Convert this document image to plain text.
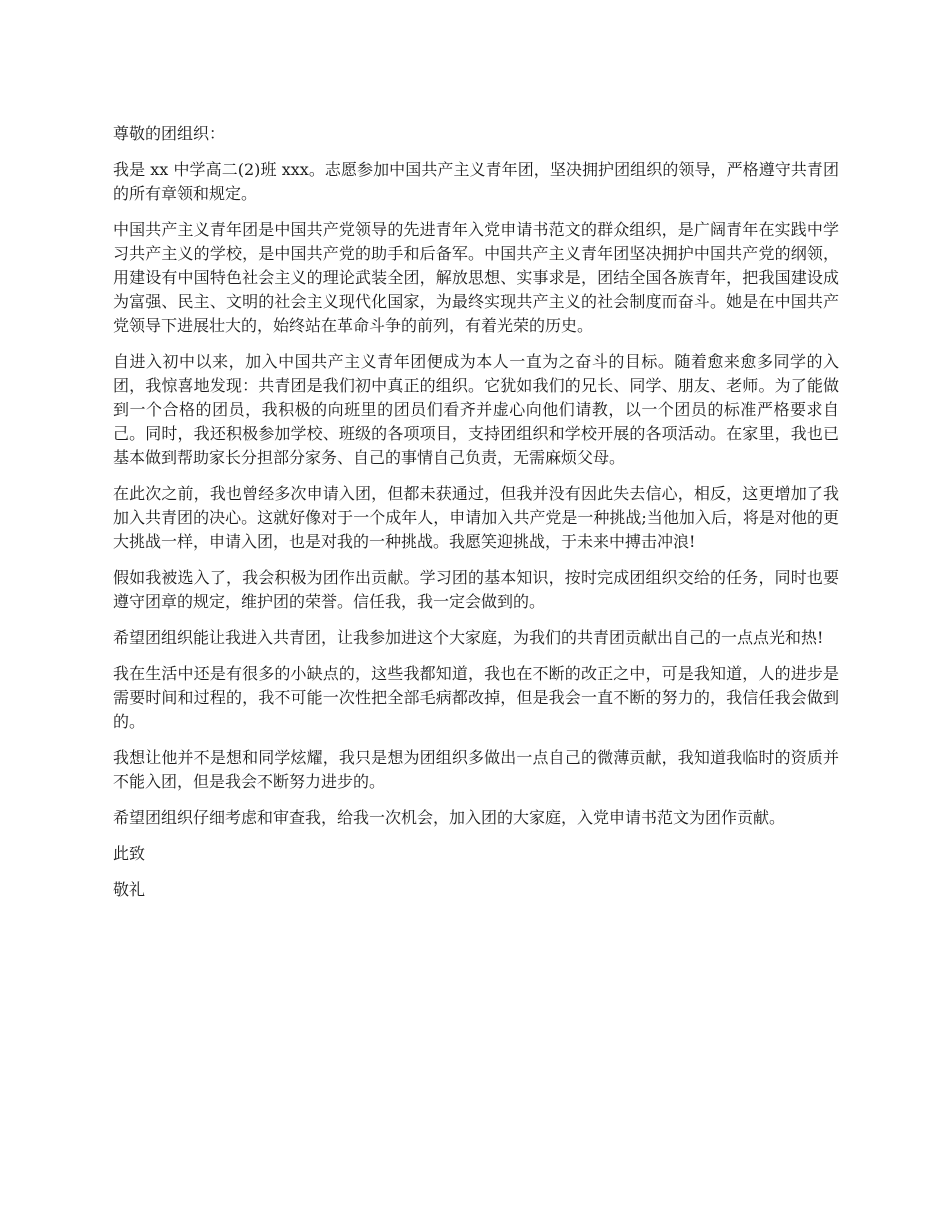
尊敬的团组织：

我是 xx 中学高二(2)班 xxx。志愿参加中国共产主义青年团，坚决拥护团组织的领导，严格遵守共青团的所有章领和规定。

中国共产主义青年团是中国共产党领导的先进青年入党申请书范文的群众组织，是广阔青年在实践中学习共产主义的学校，是中国共产党的助手和后备军。中国共产主义青年团坚决拥护中国共产党的纲领，用建设有中国特色社会主义的理论武装全团，解放思想、实事求是，团结全国各族青年，把我国建设成为富强、民主、文明的社会主义现代化国家，为最终实现共产主义的社会制度而奋斗。她是在中国共产党领导下进展壮大的，始终站在革命斗争的前列，有着光荣的历史。

自进入初中以来，加入中国共产主义青年团便成为本人一直为之奋斗的目标。随着愈来愈多同学的入团，我惊喜地发现：共青团是我们初中真正的组织。它犹如我们的兄长、同学、朋友、老师。为了能做到一个合格的团员，我积极的向班里的团员们看齐并虚心向他们请教，以一个团员的标准严格要求自己。同时，我还积极参加学校、班级的各项项目，支持团组织和学校开展的各项活动。在家里，我也已基本做到帮助家长分担部分家务、自己的事情自己负责，无需麻烦父母。

在此次之前，我也曾经多次申请入团，但都未获通过，但我并没有因此失去信心，相反，这更增加了我加入共青团的决心。这就好像对于一个成年人，申请加入共产党是一种挑战;当他加入后，将是对他的更大挑战一样，申请入团，也是对我的一种挑战。我愿笑迎挑战，于未来中搏击冲浪!

假如我被选入了，我会积极为团作出贡献。学习团的基本知识，按时完成团组织交给的任务，同时也要遵守团章的规定，维护团的荣誉。信任我，我一定会做到的。

希望团组织能让我进入共青团，让我参加进这个大家庭，为我们的共青团贡献出自己的一点点光和热!

我在生活中还是有很多的小缺点的，这些我都知道，我也在不断的改正之中，可是我知道，人的进步是需要时间和过程的，我不可能一次性把全部毛病都改掉，但是我会一直不断的努力的，我信任我会做到的。

我想让他并不是想和同学炫耀，我只是想为团组织多做出一点自己的微薄贡献，我知道我临时的资质并不能入团，但是我会不断努力进步的。

希望团组织仔细考虑和审查我，给我一次机会，加入团的大家庭，入党申请书范文为团作贡献。

此致

敬礼
